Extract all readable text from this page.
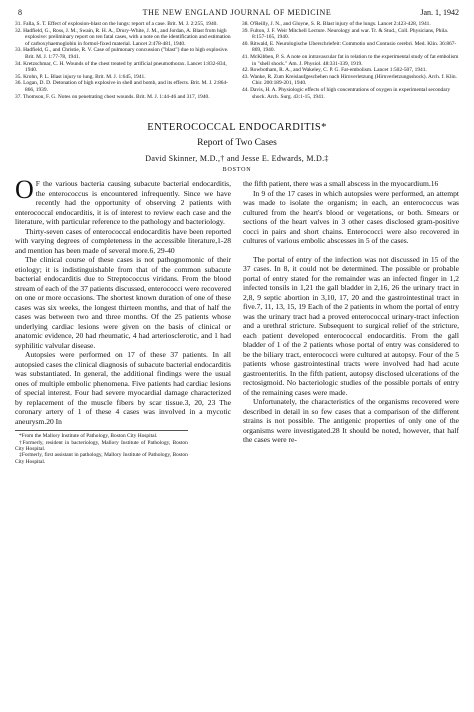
8	THE NEW ENGLAND JOURNAL OF MEDICINE	Jan. 1, 1942
31. Falla, S. T. Effect of explosion-blast on the lungs: report of a case. Brit. M. J. 2:255, 1940.
32. Hadfield, G., Ross, J. M., Swain, R. H. A., Drury-White, J. M., and Jordan, A. Blast from high explosive: preliminary report on ten fatal cases, with a note on the identification and estimation of carboxyhaemoglobin in formol-fixed material. Lancet 2:478-481, 1940.
33. Hadfield, G., and Christie, R. V. Case of pulmonary concussion ("blast") due to high explosive. Brit. M. J. 1:77-78, 1941.
34. Kretzschmar, C. H. Wounds of the chest treated by artificial pneumothorax. Lancet 1:832-834, 1940.
35. Krohn, P. L. Blast injury to lung. Brit. M. J. 1:645, 1941.
36. Logan, D. D. Detonation of high explosive in shell and bomb, and its effects. Brit. M. J. 2:864-866, 1939.
37. Thomson, F. G. Notes on penetrating chest wounds. Brit. M. J. 1:44-46 and 317, 1940.
38. O'Reilly, J. N., and Gloyne, S. R. Blast injury of the lungs. Lancet 2:423-428, 1941.
39. Fulton, J. F. Weir Mitchell Lecture. Neurology and war. Tr. & Stud., Coll. Physicians, Phila. 8:157-165, 1940.
40. Ritwald, E. Neurologische Uberschriefeit: Commotio und Contusio cerebri. Med. Klin. 36:867-869, 1940.
41. McKibben, P. S. A note on intravascular fat in relation to the experimental study of fat embolism in "shell shock." Am. J. Physiol. 48:331-339, 1919.
42. Rowbotham, R. A., and Wakeley, C. P. G. Fat-embolism. Lancet 1:502-507, 1941.
43. Wanke, R. Zum Kreislaufgeschehen nach Hirnverletzung (Hirnverletzungsshock). Arch. f. Klin. Chir. 200:189-201, 1940.
44. Davis, H. A. Physiologic effects of high concentrations of oxygen in experimental secondary shock. Arch. Surg. 43:1-15, 1941.
ENTEROCOCCAL ENDOCARDITIS*
Report of Two Cases
David Skinner, M.D.,† and Jesse E. Edwards, M.D.‡
BOSTON

O F the various bacteria causing subacute bacterial endocarditis, the enterococcus is encountered infrequently. Since we have recently had the opportunity of observing 2 patients with enterococcal endocarditis, it is of interest to review each case and the literature, with particular reference to the pathology and bacteriology.

Thirty-seven cases of enterococcal endocarditis have been reported with varying degrees of completeness in the accessible literature,1-28 and mention has been made of several more.6, 29-40

The clinical course of these cases is not pathognomonic of their etiology; it is indistinguishable from that of the common subacute bacterial endocarditis due to Streptococcus viridans. From the blood stream of each of the 37 patients discussed, enterococci were recovered on one or more occasions. The shortest known duration of one of these cases was six weeks, the longest thirteen months, and that of half the cases was between two and three months. Of the 25 patients whose underlying cardiac lesions were given on the basis of clinical or anatomic evidence, 20 had rheumatic, 4 had arteriosclerotic, and 1 had syphilitic valvular disease.

Autopsies were performed on 17 of these 37 patients. In all autopsied cases the clinical diagnosis of subacute bacterial endocarditis was substantiated. In general, the additional findings were the usual ones of multiple embolic phenomena. Five patients had cardiac lesions of special interest. Four had severe myocardial damage characterized by replacement of the muscle fibers by scar tissue.3, 20, 23 The coronary artery of 1 of these 4 cases was involved in a mycotic aneurysm.20 In

*From the Mallory Institute of Pathology, Boston City Hospital.
†Formerly, resident in bacteriology, Mallory Institute of Pathology, Boston City Hospital.
‡Formerly, first assistant in pathology, Mallory Institute of Pathology, Boston City Hospital.

the fifth patient, there was a small abscess in the myocardium.16

In 9 of the 17 cases in which autopsies were performed, an attempt was made to isolate the organism; in each, an enterococcus was cultured from the heart's blood or vegetations, or both. Smears or sections of the heart valves in 3 other cases disclosed gram-positive cocci in pairs and short chains. Enterococci were also recovered in cultures of various embolic abscesses in 5 of the cases.

The portal of entry of the infection was not discussed in 15 of the 37 cases. In 8, it could not be determined. The possible or probable portal of entry stated for the remainder was an infected finger in 1,2 infected tonsils in 1,21 the gall bladder in 2,16, 26 the urinary tract in 2,8, 9 septic abortion in 3,10, 17, 20 and the gastrointestinal tract in five.7, 11, 13, 15, 19 Each of the 2 patients in whom the portal of entry was the urinary tract had a proved enterococcal urinary-tract infection and a urethral stricture. Subsequent to surgical relief of the stricture, each patient developed enterococcal endocarditis. From the gall bladder of 1 of the 2 patients whose portal of entry was considered to be the biliary tract, enterococci were cultured at autopsy. Four of the 5 patients whose gastrointestinal tracts were involved had had acute gastroenteritis. In the fifth patient, autopsy disclosed ulcerations of the rectosigmoid. No bacteriologic studies of the possible portals of entry of the remaining cases were made.

Unfortunately, the characteristics of the organisms recovered were described in detail in so few cases that a comparison of the different strains is not possible. The antigenic properties of only one of the organisms were investigated.28 It should be noted, however, that half the cases were re-
